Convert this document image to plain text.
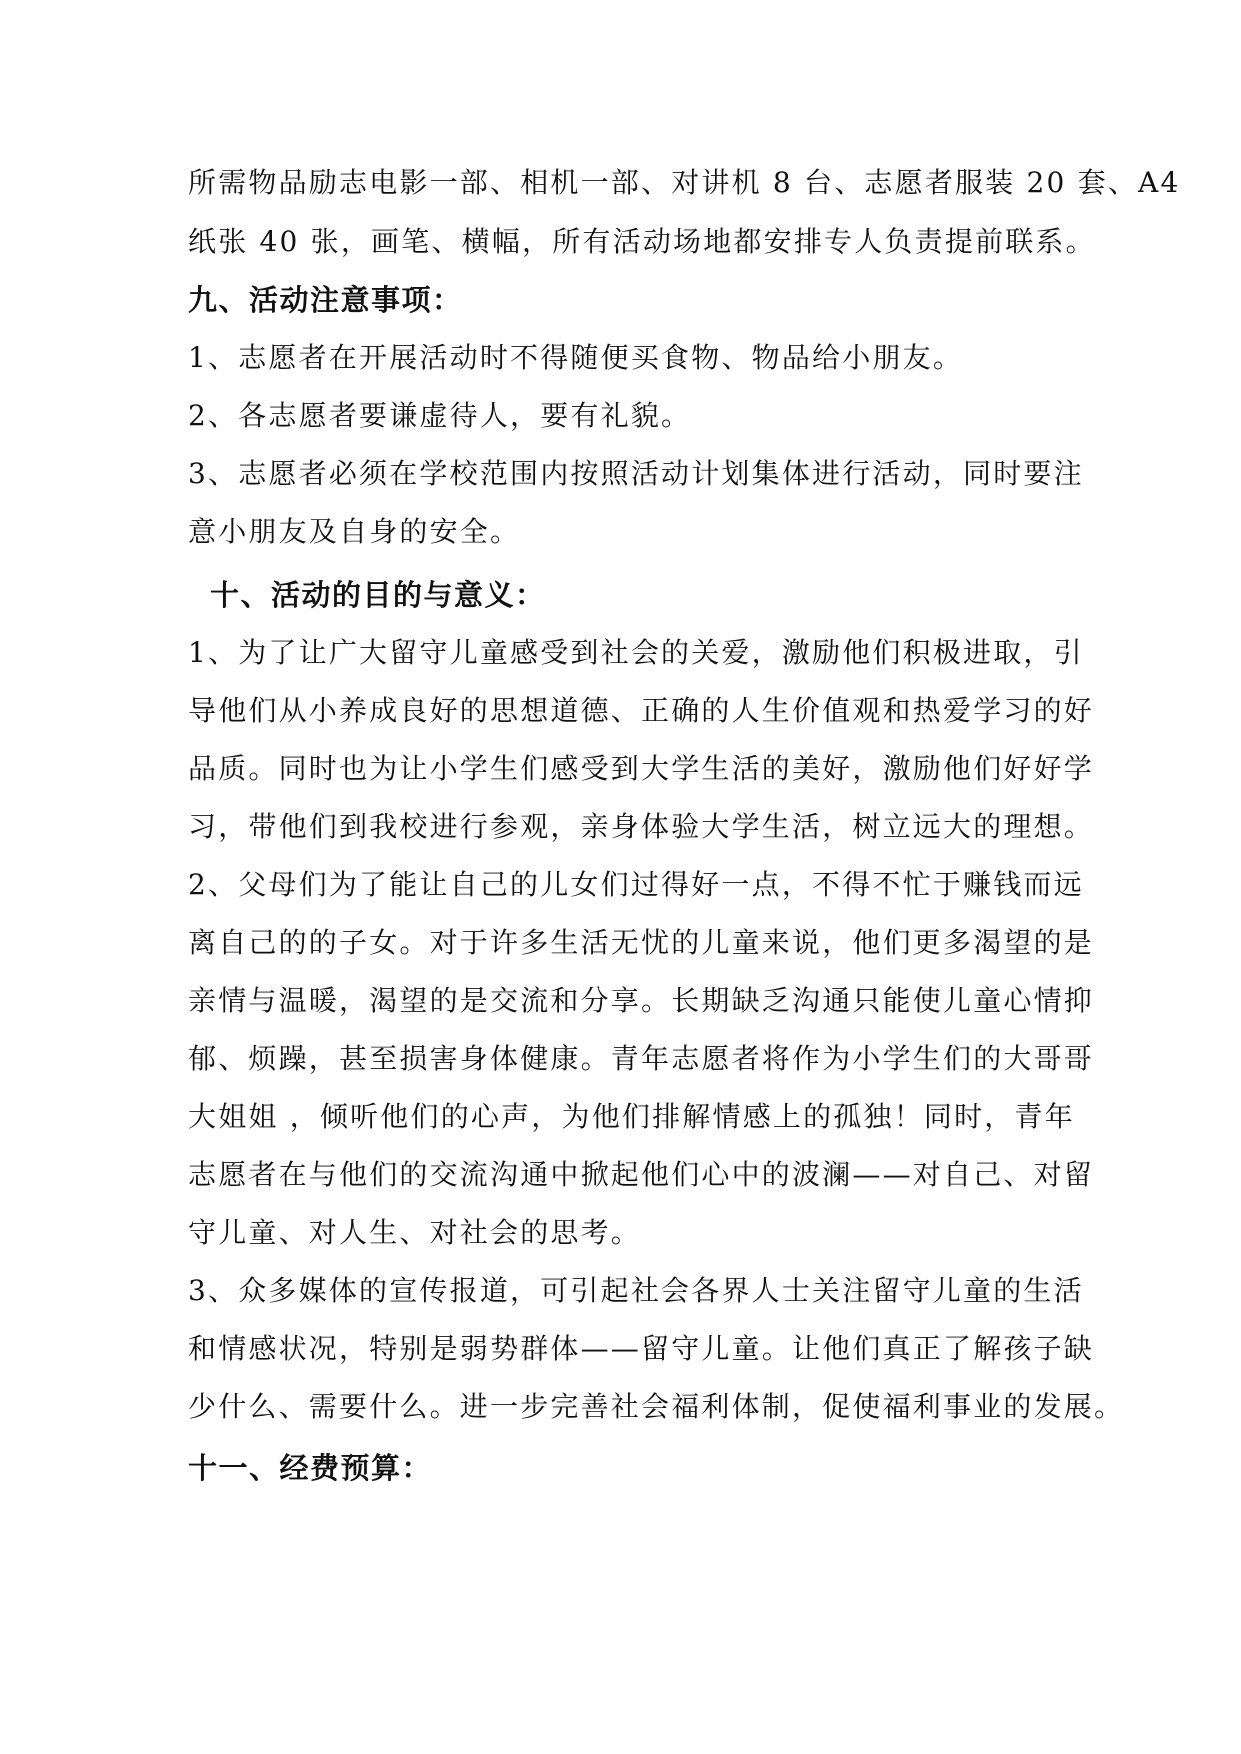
所需物品励志电影一部、相机一部、对讲机 8 台、志愿者服装 20 套、A4
纸张 40 张，画笔、横幅，所有活动场地都安排专人负责提前联系。
九、活动注意事项：
1、志愿者在开展活动时不得随便买食物、物品给小朋友。
2、各志愿者要谦虚待人，要有礼貌。
3、志愿者必须在学校范围内按照活动计划集体进行活动，同时要注
意小朋友及自身的安全。
十、活动的目的与意义：
1、为了让广大留守儿童感受到社会的关爱，激励他们积极进取，引
导他们从小养成良好的思想道德、正确的人生价值观和热爱学习的好
品质。同时也为让小学生们感受到大学生活的美好，激励他们好好学
习，带他们到我校进行参观，亲身体验大学生活，树立远大的理想。
2、父母们为了能让自己的儿女们过得好一点，不得不忙于赚钱而远
离自己的的子女。对于许多生活无忧的儿童来说，他们更多渴望的是
亲情与温暖，渴望的是交流和分享。长期缺乏沟通只能使儿童心情抑
郁、烦躁，甚至损害身体健康。青年志愿者将作为小学生们的大哥哥
大姐姐 ，倾听他们的心声，为他们排解情感上的孤独！同时，青年
志愿者在与他们的交流沟通中掀起他们心中的波澜——对自己、对留
守儿童、对人生、对社会的思考。
3、众多媒体的宣传报道，可引起社会各界人士关注留守儿童的生活
和情感状况，特别是弱势群体——留守儿童。让他们真正了解孩子缺
少什么、需要什么。进一步完善社会福利体制，促使福利事业的发展。
十一、经费预算：
